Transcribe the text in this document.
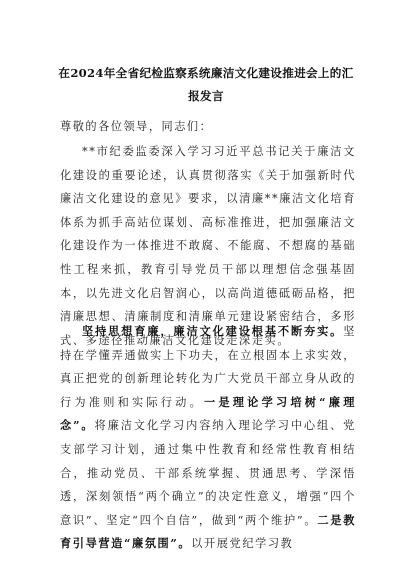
在2024年全省纪检监察系统廉洁文化建设推进会上的汇报发言
尊敬的各位领导，同志们：

**市纪委监委深入学习习近平总书记关于廉洁文化建设的重要论述，认真贯彻落实《关于加强新时代廉洁文化建设的意见》要求，以清廉**廉洁文化培育体系为抓手高站位谋划、高标准推进，把加强廉洁文化建设作为一体推进不敢腐、不能腐、不想腐的基础性工程来抓，教育引导党员干部以理想信念强基固本，以先进文化启智润心，以高尚道德砥砺品格，把清廉思想、清廉制度和清廉单元建设紧密结合，多形式、多途径推动廉洁文化建设走深走实。

坚持思想育廉，廉洁文化建设根基不断夯实。坚持在学懂弄通做实上下功夫，在立根固本上求实效，真正把党的创新理论转化为广大党员干部立身从政的行为准则和实际行动。一是理论学习培树“廉理念”。将廉洁文化学习内容纳入理论学习中心组、党支部学习计划，通过集中性教育和经常性教育相结合，推动党员、干部系统掌握、贯通思考、学深悟透，深刻领悟“两个确立”的决定性意义，增强“四个意识”、坚定“四个自信”，做到“两个维护”。二是教育引导营造“廉氛围”。以开展党纪学习教
